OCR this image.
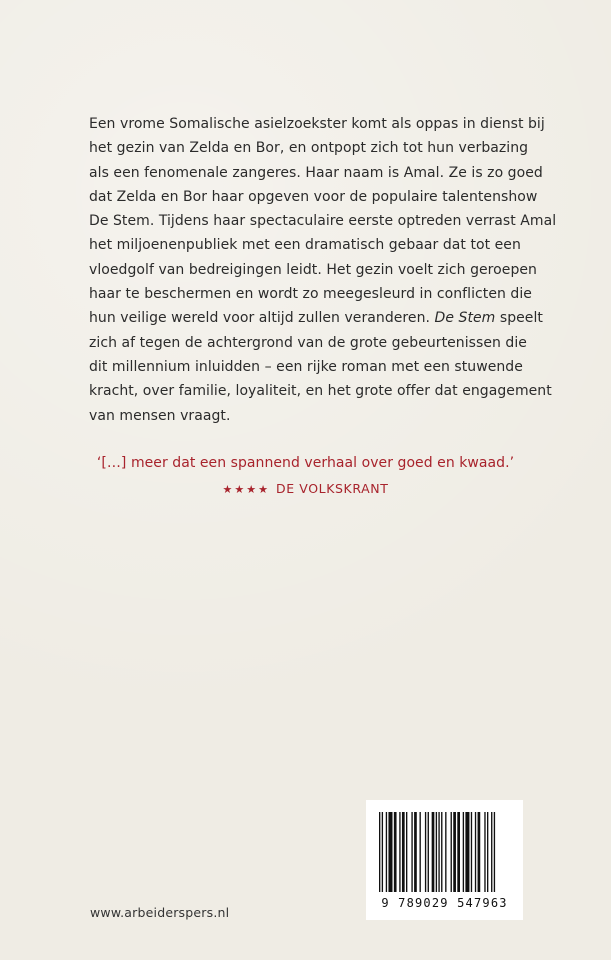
Een vrome Somalische asielzoekster komt als oppas in dienst bij
het gezin van Zelda en Bor, en ontpopt zich tot hun verbazing
als een fenomenale zangeres. Haar naam is Amal. Ze is zo goed
dat Zelda en Bor haar opgeven voor de populaire talentenshow
De Stem. Tijdens haar spectaculaire eerste optreden verrast Amal
het miljoenenpubliek met een dramatisch gebaar dat tot een
vloedgolf van bedreigingen leidt. Het gezin voelt zich geroepen
haar te beschermen en wordt zo meegesleurd in conflicten die
hun veilige wereld voor altijd zullen veranderen. De Stem speelt
zich af tegen de achtergrond van de grote gebeurtenissen die
dit millennium inluidden – een rijke roman met een stuwende
kracht, over familie, loyaliteit, en het grote offer dat engagement
van mensen vraagt.
‘[…] meer dat een spannend verhaal over goed en kwaad.’
★★★★ DE VOLKSKRANT
www.arbeiderspers.nl
9 789029 547963
